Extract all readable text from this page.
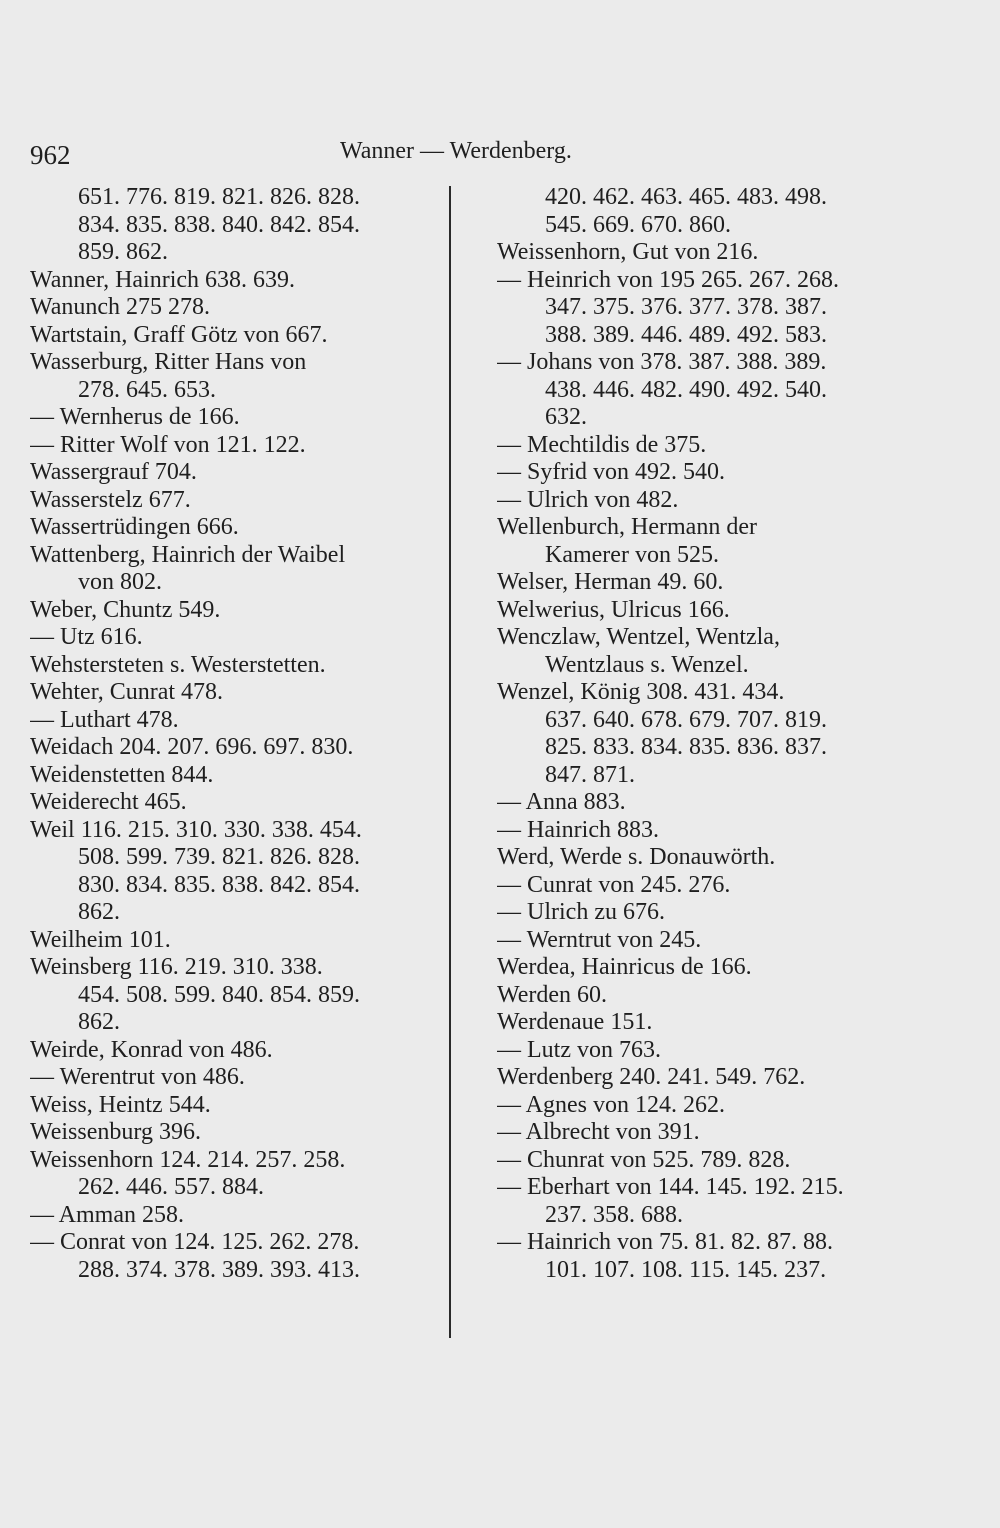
962	Wanner — Werdenberg.
651. 776. 819. 821. 826. 828.
834. 835. 838. 840. 842. 854.
859. 862.
Wanner, Hainrich 638. 639.
Wanunch 275 278.
Wartstain, Graff Götz von 667.
Wasserburg, Ritter Hans von
278. 645. 653.
— Wernherus de 166.
— Ritter Wolf von 121. 122.
Wassergrauf 704.
Wasserstelz 677.
Wassertrüdingen 666.
Wattenberg, Hainrich der Waibel
von 802.
Weber, Chuntz 549.
— Utz 616.
Wehstersteten s. Westerstetten.
Wehter, Cunrat 478.
— Luthart 478.
Weidach 204. 207. 696. 697. 830.
Weidenstetten 844.
Weiderecht 465.
Weil 116. 215. 310. 330. 338. 454.
508. 599. 739. 821. 826. 828.
830. 834. 835. 838. 842. 854.
862.
Weilheim 101.
Weinsberg 116. 219. 310. 338.
454. 508. 599. 840. 854. 859.
862.
Weirde, Konrad von 486.
— Werentrut von 486.
Weiss, Heintz 544.
Weissenburg 396.
Weissenhorn 124. 214. 257. 258.
262. 446. 557. 884.
— Amman 258.
— Conrat von 124. 125. 262. 278.
288. 374. 378. 389. 393. 413.
420. 462. 463. 465. 483. 498.
545. 669. 670. 860.
Weissenhorn, Gut von 216.
— Heinrich von 195 265. 267. 268.
347. 375. 376. 377. 378. 387.
388. 389. 446. 489. 492. 583.
— Johans von 378. 387. 388. 389.
438. 446. 482. 490. 492. 540.
632.
— Mechtildis de 375.
— Syfrid von 492. 540.
— Ulrich von 482.
Wellenburch, Hermann der
Kamerer von 525.
Welser, Herman 49. 60.
Welwerius, Ulricus 166.
Wenczlaw, Wentzel, Wentzla,
Wentzlaus s. Wenzel.
Wenzel, König 308. 431. 434.
637. 640. 678. 679. 707. 819.
825. 833. 834. 835. 836. 837.
847. 871.
— Anna 883.
— Hainrich 883.
Werd, Werde s. Donauwörth.
— Cunrat von 245. 276.
— Ulrich zu 676.
— Werntrut von 245.
Werdea, Hainricus de 166.
Werden 60.
Werdenaue 151.
— Lutz von 763.
Werdenberg 240. 241. 549. 762.
— Agnes von 124. 262.
— Albrecht von 391.
— Chunrat von 525. 789. 828.
— Eberhart von 144. 145. 192. 215.
237. 358. 688.
— Hainrich von 75. 81. 82. 87. 88.
101. 107. 108. 115. 145. 237.
